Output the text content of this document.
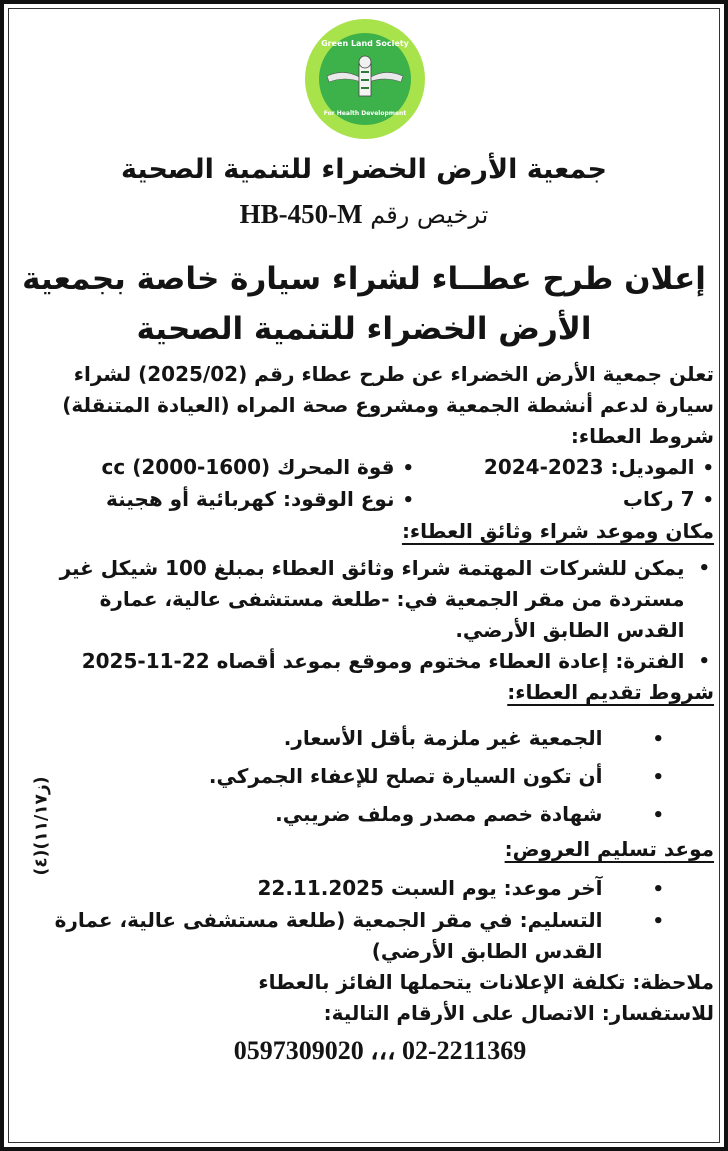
Green Land Society
For Health Development
جمعية الأرض الخضراء للتنمية الصحية
ترخيص رقم HB-450-M
إعلان طرح عطــاء لشراء سيارة خاصة بجمعية
الأرض الخضراء للتنمية الصحية

تعلن جمعية الأرض الخضراء عن طرح عطاء رقم (2025/02) لشراء

سيارة لدعم أنشطة الجمعية ومشروع صحة المراه (العيادة المتنقلة)

شروط العطاء:

•
الموديل: 2023-2024
•
قوة المحرك (1600-2000) cc
•
7 ركاب
•
نوع الوقود: كهربائية أو هجينة

مكان وموعد شراء وثائق العطاء:

•
يمكن للشركات المهتمة شراء وثائق العطاء بمبلغ 100 شيكل غير مستردة من مقر الجمعية في: -طلعة مستشفى عالية، عمارة القدس الطابق الأرضي.
•
الفترة: إعادة العطاء مختوم وموقع بموعد أقصاه 22-11-2025

شروط تقديم العطاء:

•
الجمعية غير ملزمة بأقل الأسعار.
•
أن تكون السيارة تصلح للإعفاء الجمركي.
•
شهادة خصم مصدر وملف ضريبي.

موعد تسليم العروض:

•
آخر موعد: يوم السبت 22.11.2025
•
التسليم: في مقر الجمعية (طلعة مستشفى عالية، عمارة القدس الطابق الأرضي)

ملاحظة: تكلفة الإعلانات يتحملها الفائز بالعطاء

للاستفسار: الاتصال على الأرقام التالية:

0597309020 ،،، 02-2211369
(ز١١/١٧)(٤)
